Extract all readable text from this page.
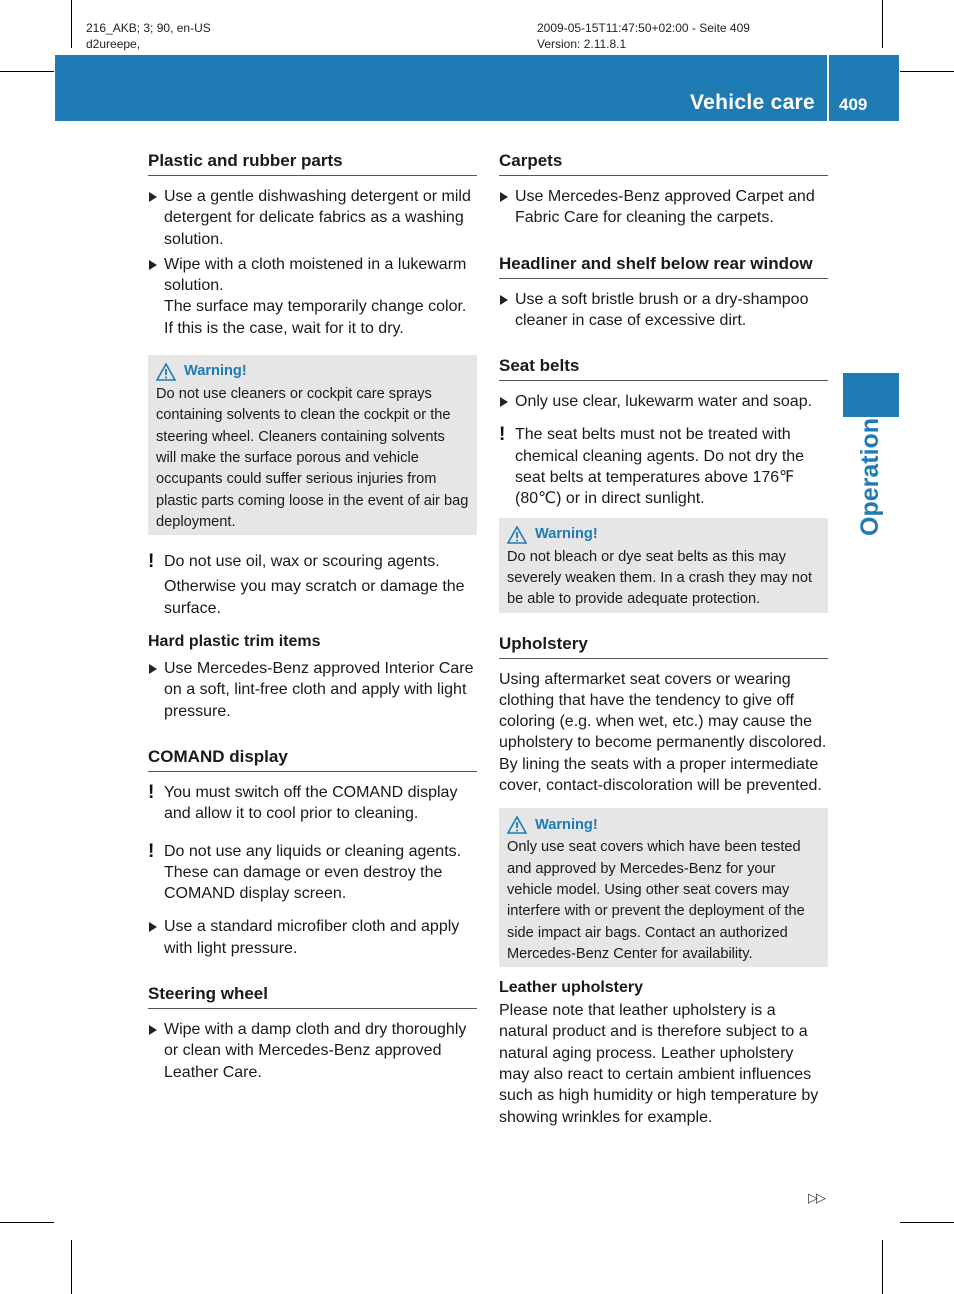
216_AKB; 3; 90, en-US
d2ureepe,
2009-05-15T11:47:50+02:00 - Seite 409
Version: 2.11.8.1
Vehicle care 409
Operation
Plastic and rubber parts
Use a gentle dishwashing detergent or mild detergent for delicate fabrics as a washing solution.
Wipe with a cloth moistened in a lukewarm solution.
The surface may temporarily change color. If this is the case, wait for it to dry.
Warning!
Do not use cleaners or cockpit care sprays containing solvents to clean the cockpit or the steering wheel. Cleaners containing solvents will make the surface porous and vehicle occupants could suffer serious injuries from plastic parts coming loose in the event of air bag deployment.
! Do not use oil, wax or scouring agents.
Otherwise you may scratch or damage the surface.
Hard plastic trim items
Use Mercedes-Benz approved Interior Care on a soft, lint-free cloth and apply with light pressure.
COMAND display
! You must switch off the COMAND display and allow it to cool prior to cleaning.
! Do not use any liquids or cleaning agents. These can damage or even destroy the COMAND display screen.
Use a standard microfiber cloth and apply with light pressure.
Steering wheel
Wipe with a damp cloth and dry thoroughly or clean with Mercedes-Benz approved Leather Care.
Carpets
Use Mercedes-Benz approved Carpet and Fabric Care for cleaning the carpets.
Headliner and shelf below rear window
Use a soft bristle brush or a dry-shampoo cleaner in case of excessive dirt.
Seat belts
Only use clear, lukewarm water and soap.
! The seat belts must not be treated with chemical cleaning agents. Do not dry the seat belts at temperatures above 176℉ (80℃) or in direct sunlight.
Warning!
Do not bleach or dye seat belts as this may severely weaken them. In a crash they may not be able to provide adequate protection.
Upholstery

Using aftermarket seat covers or wearing clothing that have the tendency to give off coloring (e.g. when wet, etc.) may cause the upholstery to become permanently discolored. By lining the seats with a proper intermediate cover, contact-discoloration will be prevented.

Warning!
Only use seat covers which have been tested and approved by Mercedes-Benz for your vehicle model. Using other seat covers may interfere with or prevent the deployment of the side impact air bags. Contact an authorized Mercedes-Benz Center for availability.
Leather upholstery

Please note that leather upholstery is a natural product and is therefore subject to a natural aging process. Leather upholstery may also react to certain ambient influences such as high humidity or high temperature by showing wrinkles for example.

▷▷
